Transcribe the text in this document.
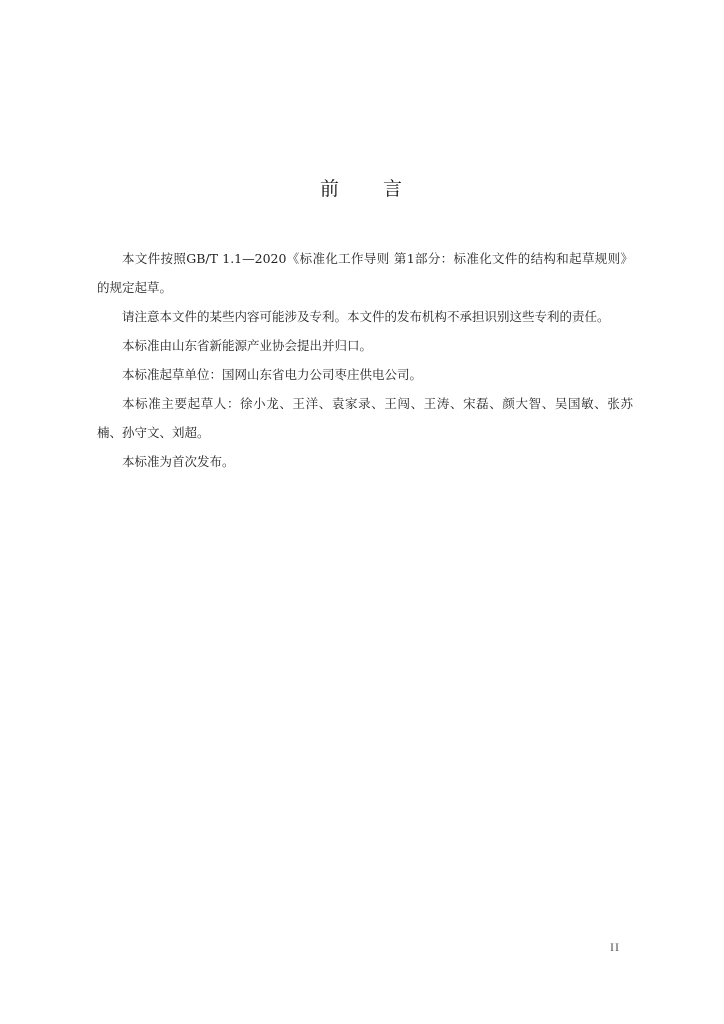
前　　言

本文件按照GB/T 1.1—2020《标准化工作导则 第1部分：标准化文件的结构和起草规则》的规定起草。

请注意本文件的某些内容可能涉及专利。本文件的发布机构不承担识别这些专利的责任。

本标准由山东省新能源产业协会提出并归口。

本标准起草单位：国网山东省电力公司枣庄供电公司。

本标准主要起草人：徐小龙、王洋、袁家录、王闯、王涛、宋磊、颜大智、吴国敏、张苏楠、孙守文、刘超。

本标准为首次发布。

II
